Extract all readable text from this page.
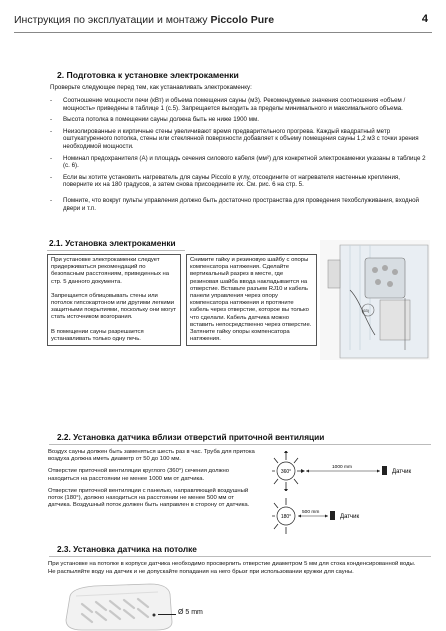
Инструкция по эксплуатации и монтажу Piccolo Pure	4
2. Подготовка к установке электрокаменки
Проверьте следующее перед тем, как устанавливать электрокаменку:
-	Соотношение мощности печи (кВт) и объема помещения сауны (м3). Рекомендуемые значения соотношения «объем / мощность» приведены в таблице 1 (с.5). Запрещается выходить за пределы минимального и максимального объема.
-	Высота потолка в помещении сауны должна быть не ниже 1900 мм.
-	Неизолированные и кирпичные стены увеличивают время предварительного прогрева. Каждый квадратный метр оштукатуренного потолка, стены или стеклянной поверхности добавляет к объему помещения сауны 1,2 м3 с точки зрения необходимой мощности.
-	Номинал предохранителя (А) и площадь сечения силового кабеля (мм²) для конкретной электрокаменки указаны в таблице 2 (с. 6).
-	Если вы хотите установить нагреватель для сауны Piccolo в углу, отсоедините от нагревателя настенные крепления, поверните их на 180 градусов, а затем снова присоедините их. См. рис. 6 на стр. 5.
-	Помните, что вокруг пульты управления должно быть достаточно пространства для проведения техобслуживания, входной двери и т.п.
2.1. Установка электрокаменки
При установке электрокаменки следует придерживаться рекомендаций по безопасным расстояниям, приведенных на стр. 5 данного документа.
Запрещается облицовывать стены или потолок гипсокартоном или другими легкими защитными покрытиями, поскольку они могут стать источником возгорания.
В помещении сауны разрешается устанавливать только одну печь.
Снимите гайку и резиновую шайбу с опоры компенсатора натяжения. Сделайте вертикальный разрез в месте, где резиновая шайба ввода накладывается на отверстие. Вставьте разъем RJ10 и кабель панели управления через опору компенсатора натяжения и протяните кабель через отверстие, которое вы только что сделали. Кабель датчика можно вставить непосредственно через отверстие. Затяните гайку опоры компенсатора натяжения.
(63)
2.2. Установка датчика вблизи отверстий приточной вентиляции
Воздух сауны должен быть заменяться шесть раз в час. Труба для притока воздуха должна иметь диаметр от 50 до 100 мм.
Отверстие приточной вентиляции круглого (360°) сечения должно находиться на расстоянии не менее 1000 мм от датчика.
Отверстие приточной вентиляции с панелью, направляющей воздушный поток (180°), должно находиться на расстоянии не менее 500 мм от датчика. Воздушный поток должен быть направлен в сторону от датчика.
360°
1000 mm
Датчик
180°
500 mm
Датчик
2.3. Установка датчика на потолке
При установке на потолке в корпусе датчика необходимо просверлить отверстие диаметром 5 мм для стока конденсированной воды.
Не распыляйте воду на датчик и не допускайте попадания на него брызг при использовании кружки для сауны.
Ø 5 mm
